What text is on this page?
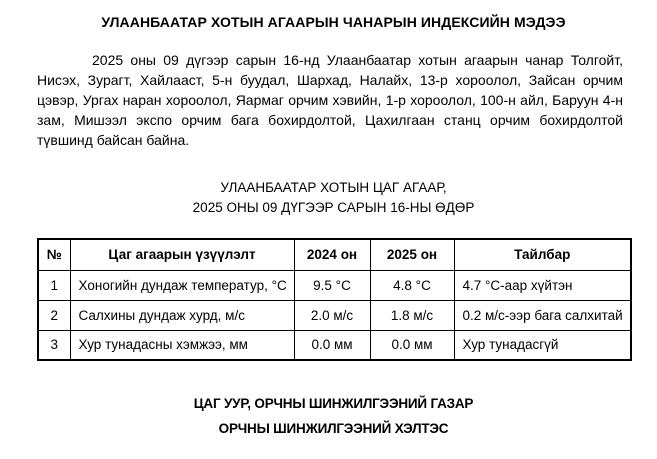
УЛААНБААТАР ХОТЫН АГААРЫН ЧАНАРЫН ИНДЕКСИЙН МЭДЭЭ

2025 оны 09 дүгээр сарын 16-нд Улаанбаатар хотын агаарын чанар Толгойт, Нисэх, Зурагт, Хайлааст, 5-н буудал, Шархад, Налайх, 13-р хороолол, Зайсан орчим цэвэр, Ургах наран хороолол, Яармаг орчим хэвийн, 1-р хороолол, 100-н айл, Баруун 4-н зам, Мишээл экспо орчим бага бохирдолтой, Цахилгаан станц орчим бохирдолтой түвшинд байсан байна.

УЛААНБААТАР ХОТЫН ЦАГ АГААР,
2025 ОНЫ 09 ДҮГЭЭР САРЫН 16-НЫ ӨДӨР
№	Цаг агаарын үзүүлэлт	2024 он	2025 он	Тайлбар
1	Хоногийн дундаж температур, °C	9.5 °C	4.8 °C	4.7 °C-аар хүйтэн
2	Салхины дундаж хурд, м/с	2.0 м/с	1.8 м/с	0.2 м/с-ээр бага салхитай
3	Хур тунадасны хэмжээ, мм	0.0 мм	0.0 мм	Хур тунадасгүй
ЦАГ УУР, ОРЧНЫ ШИНЖИЛГЭЭНИЙ ГАЗАР
ОРЧНЫ ШИНЖИЛГЭЭНИЙ ХЭЛТЭС
